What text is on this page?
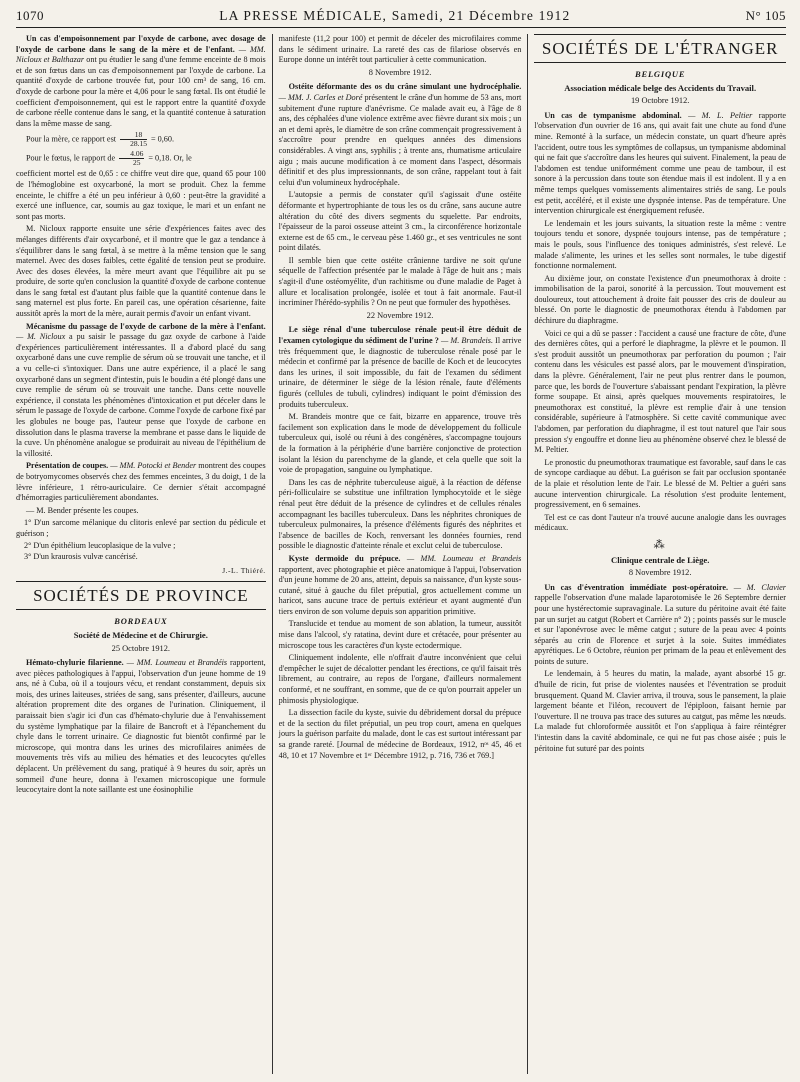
1070	LA PRESSE MÉDICALE, Samedi, 21 Décembre 1912	N° 105

Un cas d'empoisonnement par l'oxyde de carbone, avec dosage de l'oxyde de carbone dans le sang de la mère et de l'enfant. — MM. Nicloux et Balthazar ont pu étudier le sang d'une femme enceinte de 8 mois et de son fœtus dans un cas d'empoisonnement par l'oxyde de carbone. La quantité d'oxyde de carbone trouvée fut, pour 100 cm³ de sang, 16 cm. d'oxyde de carbone pour la mère et 4,06 pour le sang fœtal. Ils ont étudié le coefficient d'empoisonnement, qui est le rapport entre la quantité d'oxyde de carbone réelle contenue dans le sang, et la quantité contenue à saturation dans la même masse de sang.

Pour la mère, ce rapport est $\frac{18}{28.15} = 0,60$.

Pour le fœtus, le rapport de $\frac{4.06}{25} = 0,18$. Or, le

coefficient mortel est de 0,65 : ce chiffre veut dire que, quand 65 pour 100 de l'hémoglobine est oxycarboné, la mort se produit. Chez la femme enceinte, le chiffre a été un peu inférieur à 0,60 : peut-être la gravidité a exercé une influence, car, soumis au gaz toxique, le mari et un enfant ne sont pas morts.

M. Nicloux rapporte ensuite une série d'expériences faites avec des mélanges différents d'air oxycarboné, et il montre que le gaz a tendance à s'équilibrer dans le sang fœtal, à se mettre à la même tension que le sang maternel. Avec des doses faibles, cette égalité de tension peut se produire. Avec des doses élevées, la mère meurt avant que l'équilibre ait pu se produire, de sorte qu'en conclusion la quantité d'oxyde de carbone contenue dans le sang fœtal est d'autant plus faible que la quantité contenue dans le sang maternel est plus forte. En pareil cas, une opération césarienne, faite aussitôt après la mort de la mère, aurait permis d'avoir un enfant vivant.

Mécanisme du passage de l'oxyde de carbone de la mère à l'enfant. — M. Nicloux a pu saisir le passage du gaz oxyde de carbone à l'aide d'expériences particulièrement intéressantes. Il a d'abord placé du sang oxycarboné dans une cuve remplie de sérum où se trouvait une tanche, et il a vu celle-ci s'intoxiquer. Dans une autre expérience, il a placé le sang oxycarboné dans un segment d'intestin, puis le boudin a été plongé dans une cuve remplie de sérum où se trouvait une tanche. Dans cette nouvelle expérience, il constata les phénomènes d'intoxication et put déceler dans le sérum le passage de l'oxyde de carbone. Comme l'oxyde de carbone fixé par les globules ne bouge pas, l'auteur pense que l'oxyde de carbone en dissolution dans le plasma traverse la membrane et passe dans le liquide de la cuve. Un phénomène analogue se produirait au niveau de l'épithélium de la villosité.

Présentation de coupes. — MM. Potocki et Bender montrent des coupes de botryomycomes observés chez des femmes enceintes, 3 du doigt, 1 de la lèvre inférieure, 1 rétro-auriculaire. Ce dernier s'était accompagné d'hémorragies particulièrement abondantes.

— M. Bender présente les coupes.

1° D'un sarcome mélanique du clitoris enlevé par section du pédicule et guérison ;

2° D'un épithélium leucoplasique de la vulve ;

3° D'un kraurosis vulvæ cancérisé.

J.-L. Thiéré.
SOCIÉTÉS DE PROVINCE
BORDEAUX
Société de Médecine et de Chirurgie.
25 Octobre 1912.

Hémato-chylurie filarienne. — MM. Loumeau et Brandéis rapportent, avec pièces pathologiques à l'appui, l'observation d'un jeune homme de 19 ans, né à Cuba, où il a toujours vécu, et rendant constamment, depuis six mois, des urines laiteuses, striées de sang, sans présenter, d'ailleurs, aucune altération proprement dite des organes de l'urination. Cliniquement, il paraissait bien s'agir ici d'un cas d'hémato-chylurie due à l'envahissement du système lymphatique par la filaire de Bancroft et à l'épanchement du chyle dans le torrent urinaire. Ce diagnostic fut bientôt confirmé par le microscope, qui montra dans les urines des microfilaires animées de mouvements très vifs au milieu des hématies et des leucocytes qu'elles déplacent. Un prélèvement du sang, pratiqué à 9 heures du soir, après un sommeil d'une heure, donna à l'examen microscopique une formule leucocytaire dont la note saillante est une éosinophilie

manifeste (11,2 pour 100) et permit de déceler des microfilaires comme dans le sédiment urinaire. La rareté des cas de filariose observés en Europe donne un intérêt tout particulier à cette communication.

8 Novembre 1912.

Ostéite déformante des os du crâne simulant une hydrocéphalie. — MM. J. Carles et Doré présentent le crâne d'un homme de 53 ans, mort subitement d'une rupture d'anévrisme. Ce malade avait eu, à l'âge de 8 ans, des céphalées d'une violence extrême avec fièvre durant six mois ; un an et demi après, le diamètre de son crâne commençait progressivement à s'accroître pour prendre en quelques années des dimensions considérables. A vingt ans, syphilis ; à trente ans, rhumatisme articulaire aigu ; mais aucune modification à ce moment dans l'aspect, désormais définitif et des plus impressionnants, de son crâne, rappelant tout à fait celui d'un volumineux hydrocéphale.

L'autopsie a permis de constater qu'il s'agissait d'une ostéite déformante et hypertrophiante de tous les os du crâne, sans aucune autre altération du côté des divers segments du squelette. Par endroits, l'épaisseur de la paroi osseuse atteint 3 cm., la circonférence horizontale externe est de 65 cm., le cerveau pèse 1.460 gr., et ses ventricules ne sont point dilatés.

Il semble bien que cette ostéite crânienne tardive ne soit qu'une séquelle de l'affection présentée par le malade à l'âge de huit ans ; mais s'agit-il d'une ostéomyélite, d'un rachitisme ou d'une maladie de Paget à allure et localisation prolongée, isolée et tout à fait anormale. Faut-il incriminer l'hérédo-syphilis ? On ne peut que formuler des hypothèses.

22 Novembre 1912.

Le siège rénal d'une tuberculose rénale peut-il être déduit de l'examen cytologique du sédiment de l'urine ? — M. Brandeis. Il arrive très fréquemment que, le diagnostic de tuberculose rénale posé par le médecin et confirmé par la présence de bacille de Koch et de leucocytes dans les urines, il soit impossible, du fait de l'examen du sédiment urinaire, de déterminer le siège de la lésion rénale, faute d'éléments figurés (cellules de tubuli, cylindres) indiquant le point d'émission des produits tuberculeux.

M. Brandeis montre que ce fait, bizarre en apparence, trouve très facilement son explication dans le mode de développement du follicule tuberculeux qui, isolé ou réuni à des congénères, s'accompagne toujours de la formation à la périphérie d'une barrière conjonctive de protection isolant la lésion du parenchyme de la glande, et cela quelle que soit la voie de propagation, sanguine ou lymphatique.

Dans les cas de néphrite tuberculeuse aiguë, à la réaction de défense péri-folliculaire se substitue une infiltration lymphocytoïde et le siège rénal peut être déduit de la présence de cylindres et de cellules rénales accompagnant les bacilles tuberculeux. Dans les néphrites chroniques de tuberculeux pulmonaires, la présence d'éléments figurés des néphrites et l'absence de bacilles de Koch, renversant les données fournies, rend possible le diagnostic d'atteinte rénale et exclut celui de tuberculose.

Kyste dermoïde du prépuce. — MM. Loumeau et Brandeis rapportent, avec photographie et pièce anatomique à l'appui, l'observation d'un jeune homme de 20 ans, atteint, depuis sa naissance, d'un kyste sous-cutané, situé à gauche du filet préputial, gros actuellement comme un haricot, sans aucune trace de pertuis extérieur et ayant augmenté d'un tiers environ de son volume depuis son apparition primitive.

Translucide et tendue au moment de son ablation, la tumeur, aussitôt mise dans l'alcool, s'y ratatina, devint dure et crétacée, pour présenter au microscope tous les caractères d'un kyste ectodermique.

Cliniquement indolente, elle n'offrait d'autre inconvénient que celui d'empêcher le sujet de décalotter pendant les érections, ce qu'il faisait très librement, au contraire, au repos de l'organe, d'ailleurs normalement conformé, et ne souffrant, en somme, que de ce qu'on pourrait appeler un phimosis physiologique.

La dissection facile du kyste, suivie du débridement dorsal du prépuce et de la section du filet préputial, un peu trop court, amena en quelques jours la guérison parfaite du malade, dont le cas est surtout intéressant par sa grande rareté. [Journal de médecine de Bordeaux, 1912, nᵒˢ 45, 46 et 48, 10 et 17 Novembre et 1ᵉʳ Décembre 1912, p. 716, 736 et 769.]

SOCIÉTÉS DE L'ÉTRANGER
BELGIQUE
Association médicale belge des Accidents du Travail.
19 Octobre 1912.

Un cas de tympanisme abdominal. — M. L. Peltier rapporte l'observation d'un ouvrier de 16 ans, qui avait fait une chute au fond d'une mine. Remonté à la surface, un médecin constate, un quart d'heure après l'accident, outre tous les symptômes de collapsus, un tympanisme abdominal qui ne fait que s'accroître dans les heures qui suivent. Finalement, la peau de l'abdomen est tendue uniformément comme une peau de tambour, il est sonore à la percussion dans toute son étendue mais il est indolent. Il y a en même temps quelques vomissements alimentaires striés de sang. Le pouls est petit, accéléré, et il existe une dyspnée intense. Pas de température. Une intervention chirurgicale est énergiquement refusée.

Le lendemain et les jours suivants, la situation reste la même : ventre toujours tendu et sonore, dyspnée toujours intense, pas de température ; mais le pouls, sous l'influence des toniques administrés, s'est relevé. Le malade s'alimente, les urines et les selles sont normales, le tube digestif fonctionne normalement.

Au dixième jour, on constate l'existence d'un pneumothorax à droite : immobilisation de la paroi, sonorité à la percussion. Tout mouvement est douloureux, tout attouchement à droite fait pousser des cris de douleur au blessé. On porte le diagnostic de pneumothorax étendu à l'abdomen par déchirure du diaphragme.

Voici ce qui a dû se passer : l'accident a causé une fracture de côte, d'une des dernières côtes, qui a perforé le diaphragme, la plèvre et le poumon. Il s'est produit aussitôt un pneumothorax par perforation du poumon ; l'air contenu dans les vésicules est passé alors, par le mouvement d'inspiration, dans la plèvre. Généralement, l'air ne peut plus rentrer dans le poumon, parce que, les bords de l'ouverture s'abaissant pendant l'expiration, la plèvre forme soupape. Et ainsi, après quelques mouvements respiratoires, le pneumothorax est constitué, la plèvre est remplie d'air à une tension considérable, supérieure à l'atmosphère. Si cette cavité communique avec l'abdomen, par perforation du diaphragme, il est tout naturel que l'air sous pression s'y engouffre et donne lieu au phénomène observé chez le blessé de M. Peltier.

Le pronostic du pneumothorax traumatique est favorable, sauf dans le cas de syncope cardiaque au début. La guérison se fait par occlusion spontanée de la plaie et résolution lente de l'air. Le blessé de M. Peltier a guéri sans aucune intervention chirurgicale. La résolution s'est produite lentement, progressivement, en 6 semaines.

Tel est ce cas dont l'auteur n'a trouvé aucune analogie dans les ouvrages médicaux.

⁂
Clinique centrale de Liège.
8 Novembre 1912.

Un cas d'éventration immédiate post-opératoire. — M. Clavier rappelle l'observation d'une malade laparotomisée le 26 Septembre dernier pour une hystérectomie supravaginale. La suture du péritoine avait été faite par un surjet au catgut (Robert et Carrière n° 2) ; points passés sur le muscle et sur l'aponévrose avec le même catgut ; suture de la peau avec 4 points séparés au crin de Florence et surjet à la soie. Suites immédiates apyrétiques. Le 6 Octobre, réunion per primam de la peau et enlèvement des points de suture.

Le lendemain, à 5 heures du matin, la malade, ayant absorbé 15 gr. d'huile de ricin, fut prise de violentes nausées et l'éventration se produit brusquement. Quand M. Clavier arriva, il trouva, sous le pansement, la plaie largement béante et l'iléon, recouvert de l'épiploon, faisant hernie par l'ouverture. Il ne trouva pas trace des sutures au catgut, pas même les nœuds. La malade fut chloroformée aussitôt et l'on s'appliqua à faire réintégrer l'intestin dans la cavité abdominale, ce qui ne fut pas chose aisée ; puis le péritoine fut suturé par des points
